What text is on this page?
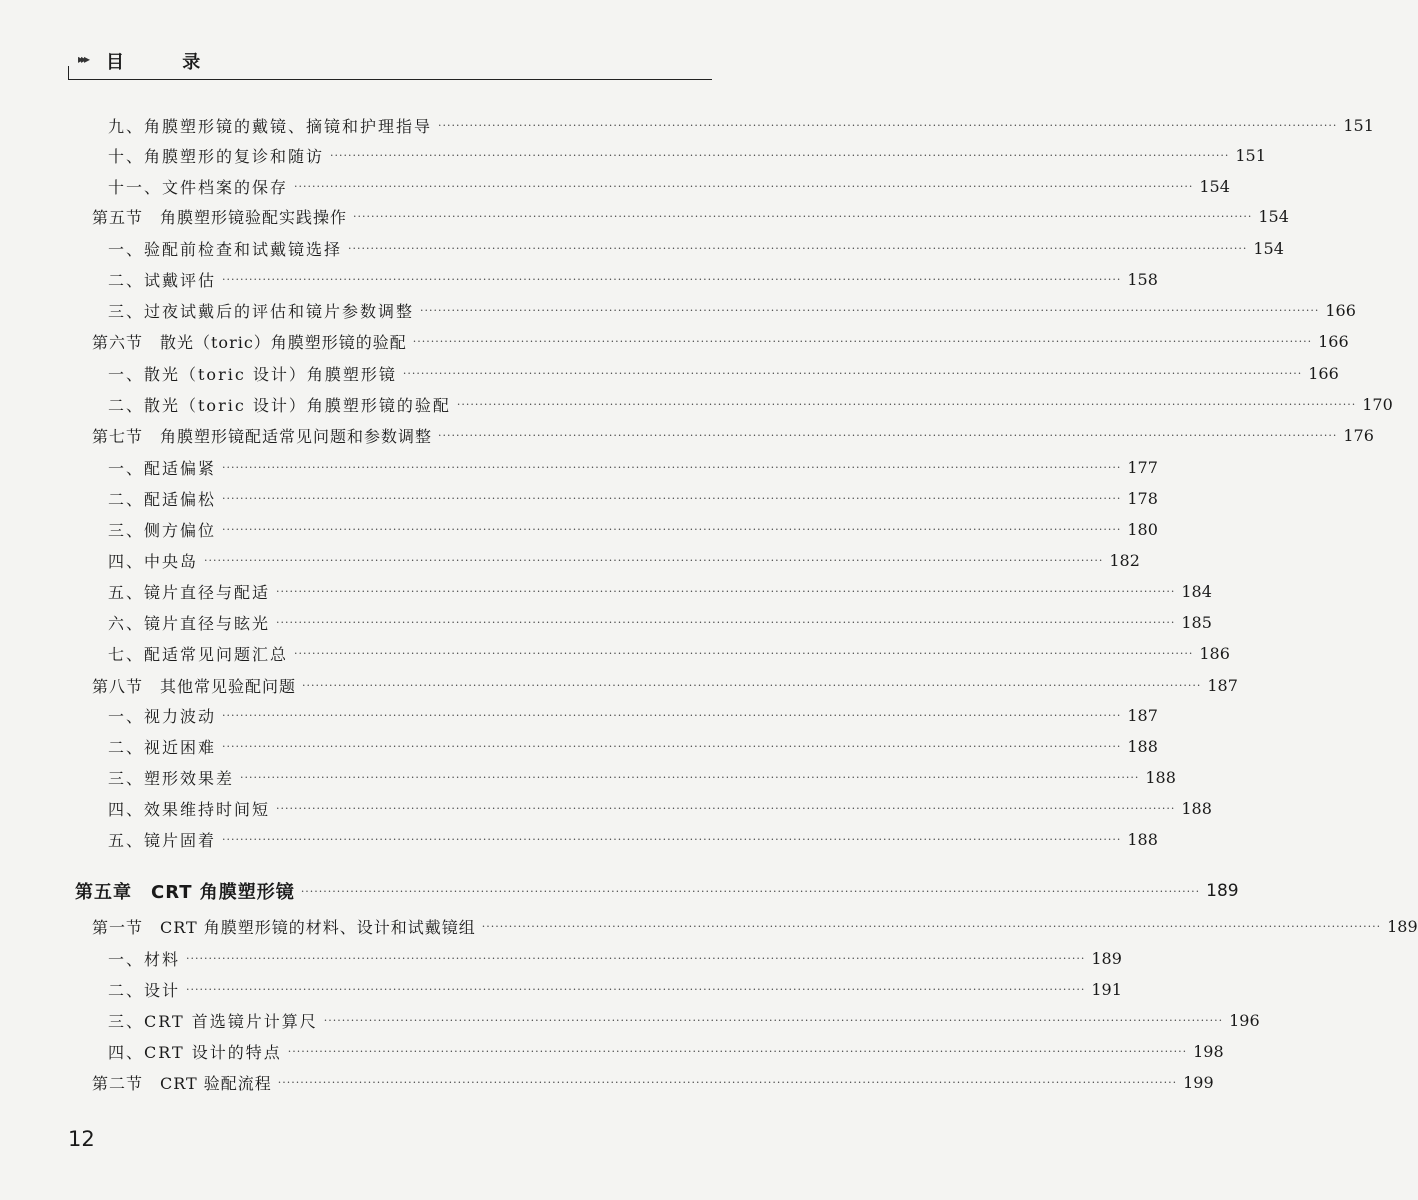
▸▸▸ 目 录
九、角膜塑形镜的戴镜、摘镜和护理指导 ········································································································································································································ 151
十、角膜塑形的复诊和随访 ········································································································································································································ 151
十一、文件档案的保存 ········································································································································································································ 154
第五节　角膜塑形镜验配实践操作 ········································································································································································································ 154
一、验配前检查和试戴镜选择 ········································································································································································································ 154
二、试戴评估 ········································································································································································································ 158
三、过夜试戴后的评估和镜片参数调整 ········································································································································································································ 166
第六节　散光（toric）角膜塑形镜的验配 ········································································································································································································ 166
一、散光（toric 设计）角膜塑形镜 ········································································································································································································ 166
二、散光（toric 设计）角膜塑形镜的验配 ········································································································································································································ 170
第七节　角膜塑形镜配适常见问题和参数调整 ········································································································································································································ 176
一、配适偏紧 ········································································································································································································ 177
二、配适偏松 ········································································································································································································ 178
三、侧方偏位 ········································································································································································································ 180
四、中央岛 ········································································································································································································ 182
五、镜片直径与配适 ········································································································································································································ 184
六、镜片直径与眩光 ········································································································································································································ 185
七、配适常见问题汇总 ········································································································································································································ 186
第八节　其他常见验配问题 ········································································································································································································ 187
一、视力波动 ········································································································································································································ 187
二、视近困难 ········································································································································································································ 188
三、塑形效果差 ········································································································································································································ 188
四、效果维持时间短 ········································································································································································································ 188
五、镜片固着 ········································································································································································································ 188
第五章　CRT 角膜塑形镜 ········································································································································································································ 189
第一节　CRT 角膜塑形镜的材料、设计和试戴镜组 ········································································································································································································ 189
一、材料 ········································································································································································································ 189
二、设计 ········································································································································································································ 191
三、CRT 首选镜片计算尺 ········································································································································································································ 196
四、CRT 设计的特点 ········································································································································································································ 198
第二节　CRT 验配流程 ········································································································································································································ 199
12
